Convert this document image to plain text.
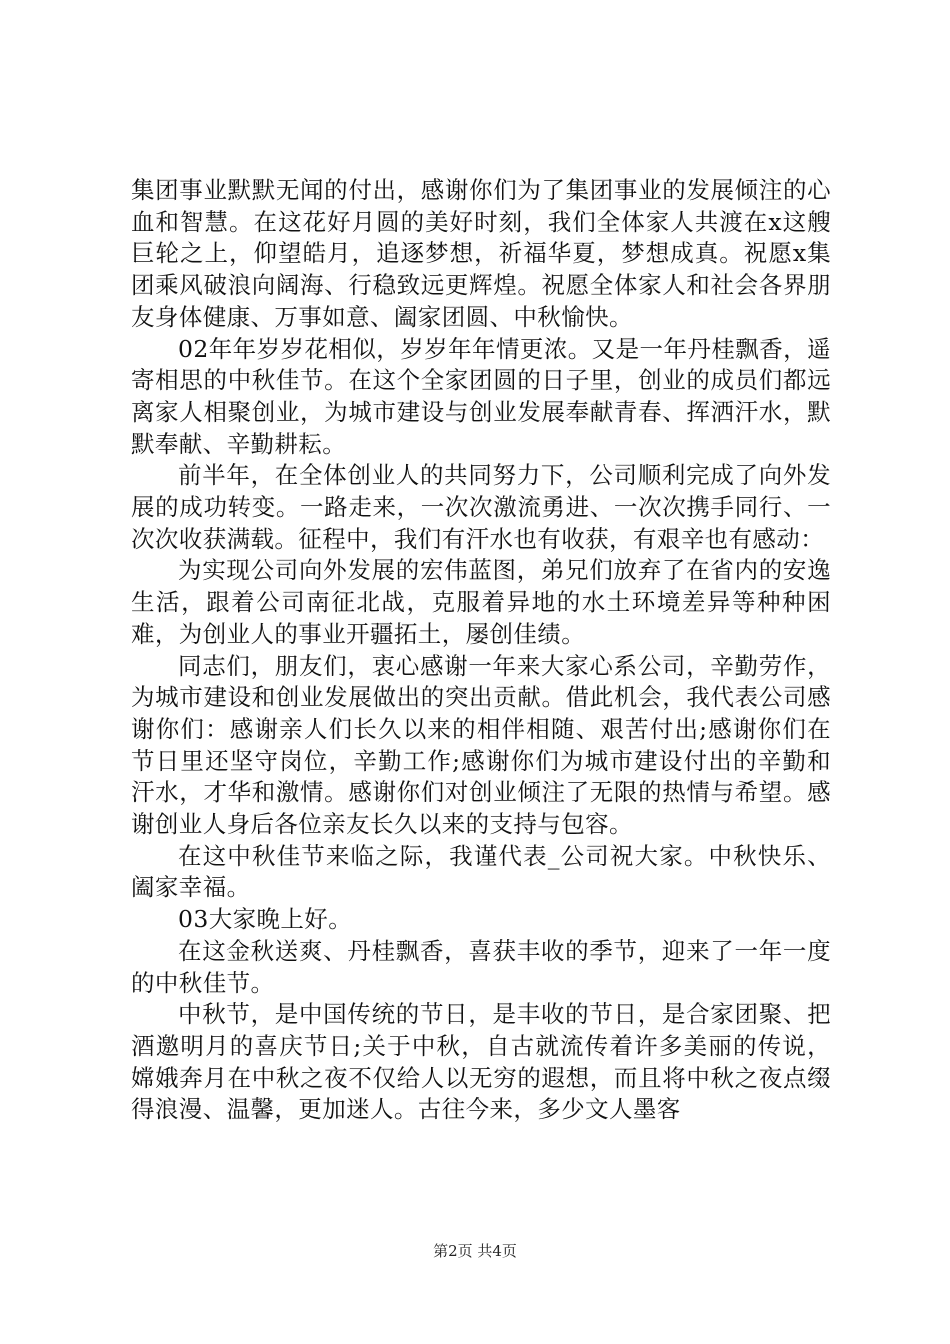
集团事业默默无闻的付出，感谢你们为了集团事业的发展倾注的心血和智慧。在这花好月圆的美好时刻，我们全体家人共渡在x这艘巨轮之上，仰望皓月，追逐梦想，祈福华夏，梦想成真。祝愿x集团乘风破浪向阔海、行稳致远更辉煌。祝愿全体家人和社会各界朋友身体健康、万事如意、阖家团圆、中秋愉快。

02年年岁岁花相似，岁岁年年情更浓。又是一年丹桂飘香，遥寄相思的中秋佳节。在这个全家团圆的日子里，创业的成员们都远离家人相聚创业，为城市建设与创业发展奉献青春、挥洒汗水，默默奉献、辛勤耕耘。

前半年，在全体创业人的共同努力下，公司顺利完成了向外发展的成功转变。一路走来，一次次激流勇进、一次次携手同行、一次次收获满载。征程中，我们有汗水也有收获，有艰辛也有感动：

为实现公司向外发展的宏伟蓝图，弟兄们放弃了在省内的安逸生活，跟着公司南征北战，克服着异地的水土环境差异等种种困难，为创业人的事业开疆拓土，屡创佳绩。

同志们，朋友们，衷心感谢一年来大家心系公司，辛勤劳作，为城市建设和创业发展做出的突出贡献。借此机会，我代表公司感谢你们：感谢亲人们长久以来的相伴相随、艰苦付出;感谢你们在节日里还坚守岗位，辛勤工作;感谢你们为城市建设付出的辛勤和汗水，才华和激情。感谢你们对创业倾注了无限的热情与希望。感谢创业人身后各位亲友长久以来的支持与包容。

在这中秋佳节来临之际，我谨代表_公司祝大家。中秋快乐、阖家幸福。

03大家晚上好。

在这金秋送爽、丹桂飘香，喜获丰收的季节，迎来了一年一度的中秋佳节。

中秋节，是中国传统的节日，是丰收的节日，是合家团聚、把酒邀明月的喜庆节日;关于中秋，自古就流传着许多美丽的传说，嫦娥奔月在中秋之夜不仅给人以无穷的遐想，而且将中秋之夜点缀得浪漫、温馨，更加迷人。古往今来，多少文人墨客

第2页 共4页
